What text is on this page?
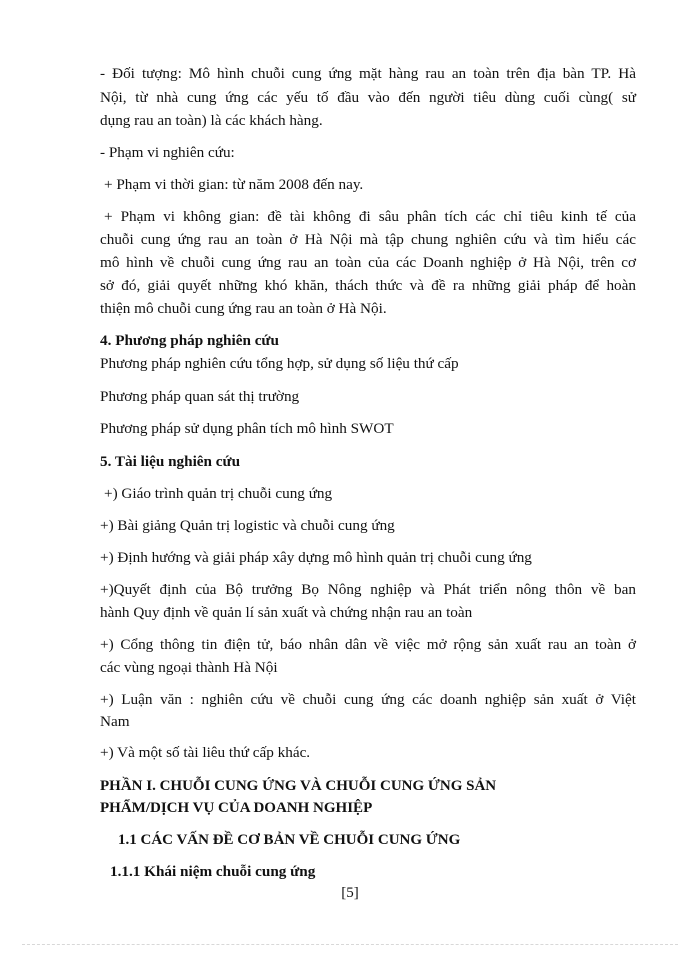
- Đối tượng: Mô hình chuỗi cung ứng mặt hàng rau an toàn trên địa bàn TP. Hà
Nội, từ nhà cung ứng các yếu tố đầu vào đến người tiêu dùng cuối cùng( sử
dụng rau an toàn) là các khách hàng.
- Phạm vi nghiên cứu:
+ Phạm vi thời gian: từ năm 2008 đến nay.
+ Phạm vi không gian: đề tài không đi sâu phân tích các chỉ tiêu kinh tế của
chuỗi cung ứng rau an toàn ở Hà Nội mà tập chung nghiên cứu và tìm hiểu các
mô hình về chuỗi cung ứng rau an toàn của các Doanh nghiệp ở Hà Nội, trên cơ
sở đó, giải quyết những khó khăn, thách thức và đề ra những giải pháp để hoàn
thiện mô chuỗi cung ứng rau an toàn ở Hà Nội.
4. Phương pháp nghiên cứu
Phương pháp nghiên cứu tổng hợp, sử dụng số liệu thứ cấp
Phương pháp quan sát thị trường
Phương pháp sử dụng phân tích mô hình SWOT
5. Tài liệu nghiên cứu
+) Giáo trình quản trị chuỗi cung ứng
+) Bài giảng Quản trị logistic và chuỗi cung ứng
+) Định hướng và giải pháp xây dựng mô hình quản trị chuỗi cung ứng
+)Quyết định của Bộ trưởng Bọ Nông nghiệp và Phát triển nông thôn về ban
hành Quy định về quản lí sản xuất và chứng nhận rau an toàn
+) Cổng thông tin điện tử, báo nhân dân về việc mở rộng sản xuất rau an toàn ở
các vùng ngoại thành Hà Nội
+) Luận văn : nghiên cứu về chuỗi cung ứng các doanh nghiệp sản xuất ở Việt
Nam
+) Và một số tài liêu thứ cấp khác.
PHẦN I. CHUỖI CUNG ỨNG VÀ CHUỖI CUNG ỨNG SẢN
PHẨM/DỊCH VỤ CỦA DOANH NGHIỆP
1.1 CÁC VẤN ĐỀ CƠ BẢN VỀ CHUỖI CUNG ỨNG
1.1.1 Khái niệm chuỗi cung ứng
[5]
